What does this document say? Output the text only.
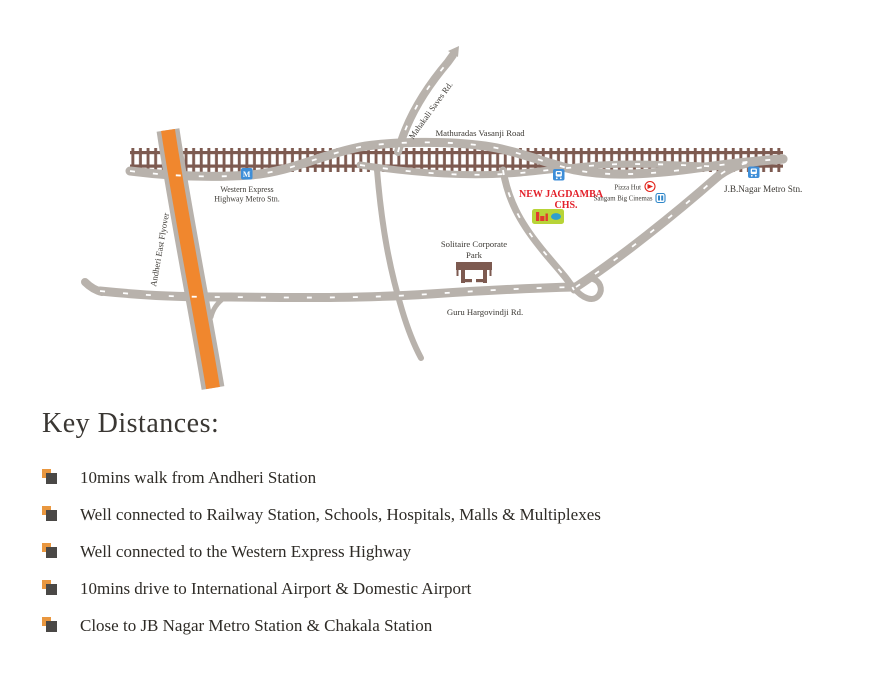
M
Mahakali Saves Rd.
Mathuradas Vasanji Road
Western Express
Highway Metro Stn.	NEW JAGDAMBA
CHS.
Pizza Hut
Sangam Big Cinemas
J.B.Nagar Metro Stn.
Solitaire Corporate
Park
Guru Hargovindji Rd.
Andheri East Flyover
Key Distances:
10mins walk from Andheri Station
Well connected to Railway Station, Schools, Hospitals, Malls & Multiplexes
Well connected to the Western Express Highway
10mins drive to International Airport & Domestic Airport
Close to JB Nagar Metro Station & Chakala Station
